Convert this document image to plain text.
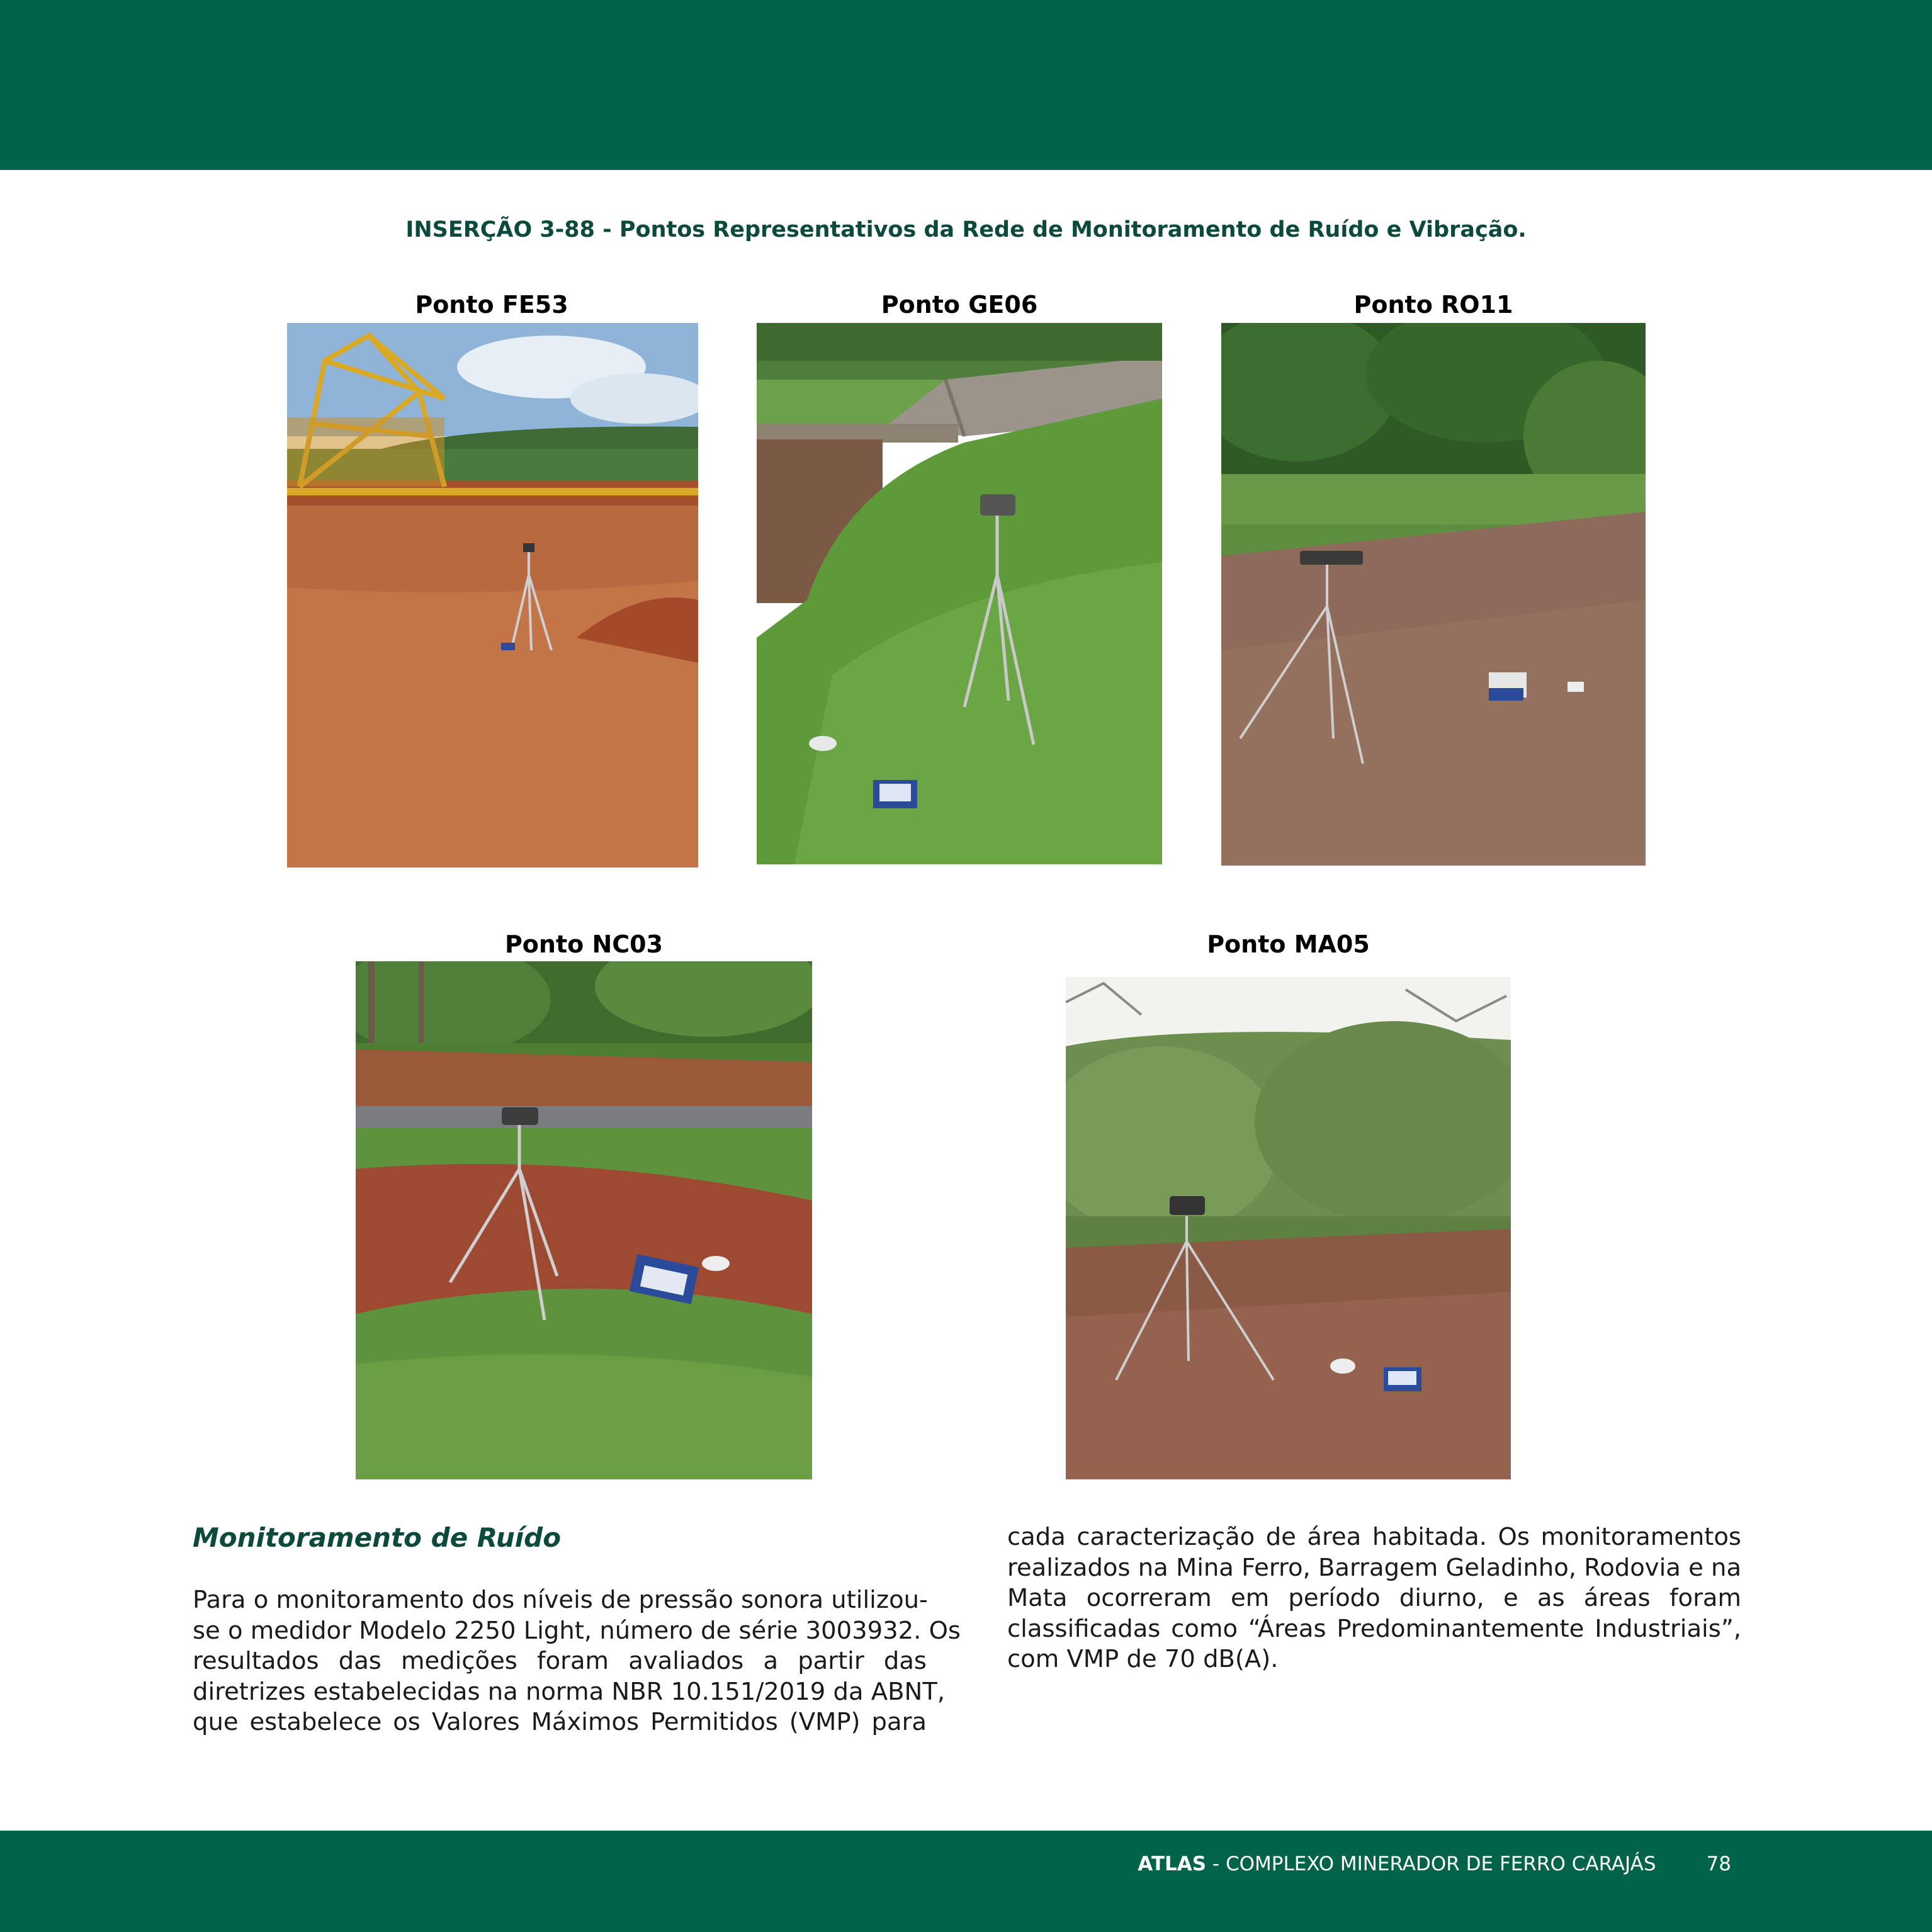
INSERÇÃO 3-88 - Pontos Representativos da Rede de Monitoramento de Ruído e Vibração.
Ponto FE53	Ponto GE06	Ponto RO11
Ponto NC03	Ponto MA05
Monitoramento de Ruído
Para o monitoramento dos níveis de pressão sonora utilizou-
se o medidor Modelo 2250 Light, número de série 3003932. Os
resultados das medições foram avaliados a partir das
diretrizes estabelecidas na norma NBR 10.151/2019 da ABNT,
que estabelece os Valores Máximos Permitidos (VMP) para
cada caracterização de área habitada. Os monitoramentos
realizados na Mina Ferro, Barragem Geladinho, Rodovia e na
Mata ocorreram em período diurno, e as áreas foram
classificadas como “Áreas Predominantemente Industriais”,
com VMP de 70 dB(A).
ATLAS - COMPLEXO MINERADOR DE FERRO CARAJÁS	78
